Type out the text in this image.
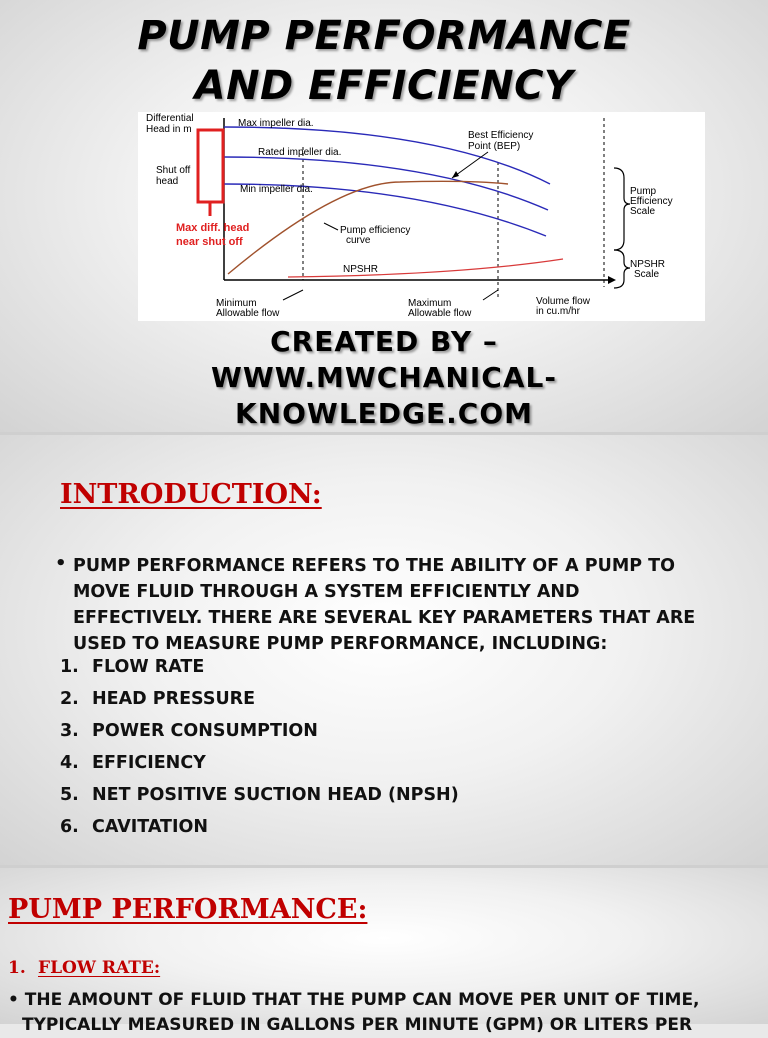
PUMP PERFORMANCE
AND EFFICIENCY
Differential
Head in m
Shut off
head
Max impeller dia.
Rated impeller dia.
Min impeller dia.
Best Efficiency
Point (BEP)
Pump efficiency
curve
NPSHR
Max diff. head
near shut off
Minimum
Allowable flow
Maximum
Allowable flow
Volume flow
in cu.m/hr
Pump
Efficiency
Scale
NPSHR
Scale
CREATED BY –
WWW.MWCHANICAL-
KNOWLEDGE.COM
INTRODUCTION:
• PUMP PERFORMANCE REFERS TO THE ABILITY OF A PUMP TO MOVE FLUID THROUGH A SYSTEM EFFICIENTLY AND EFFECTIVELY. THERE ARE SEVERAL KEY PARAMETERS THAT ARE USED TO MEASURE PUMP PERFORMANCE, INCLUDING:
1. FLOW RATE
2. HEAD PRESSURE
3. POWER CONSUMPTION
4. EFFICIENCY
5. NET POSITIVE SUCTION HEAD (NPSH)
6. CAVITATION
PUMP PERFORMANCE:
1. FLOW RATE:
• THE AMOUNT OF FLUID THAT THE PUMP CAN MOVE PER UNIT OF TIME,
TYPICALLY MEASURED IN GALLONS PER MINUTE (GPM) OR LITERS PER
